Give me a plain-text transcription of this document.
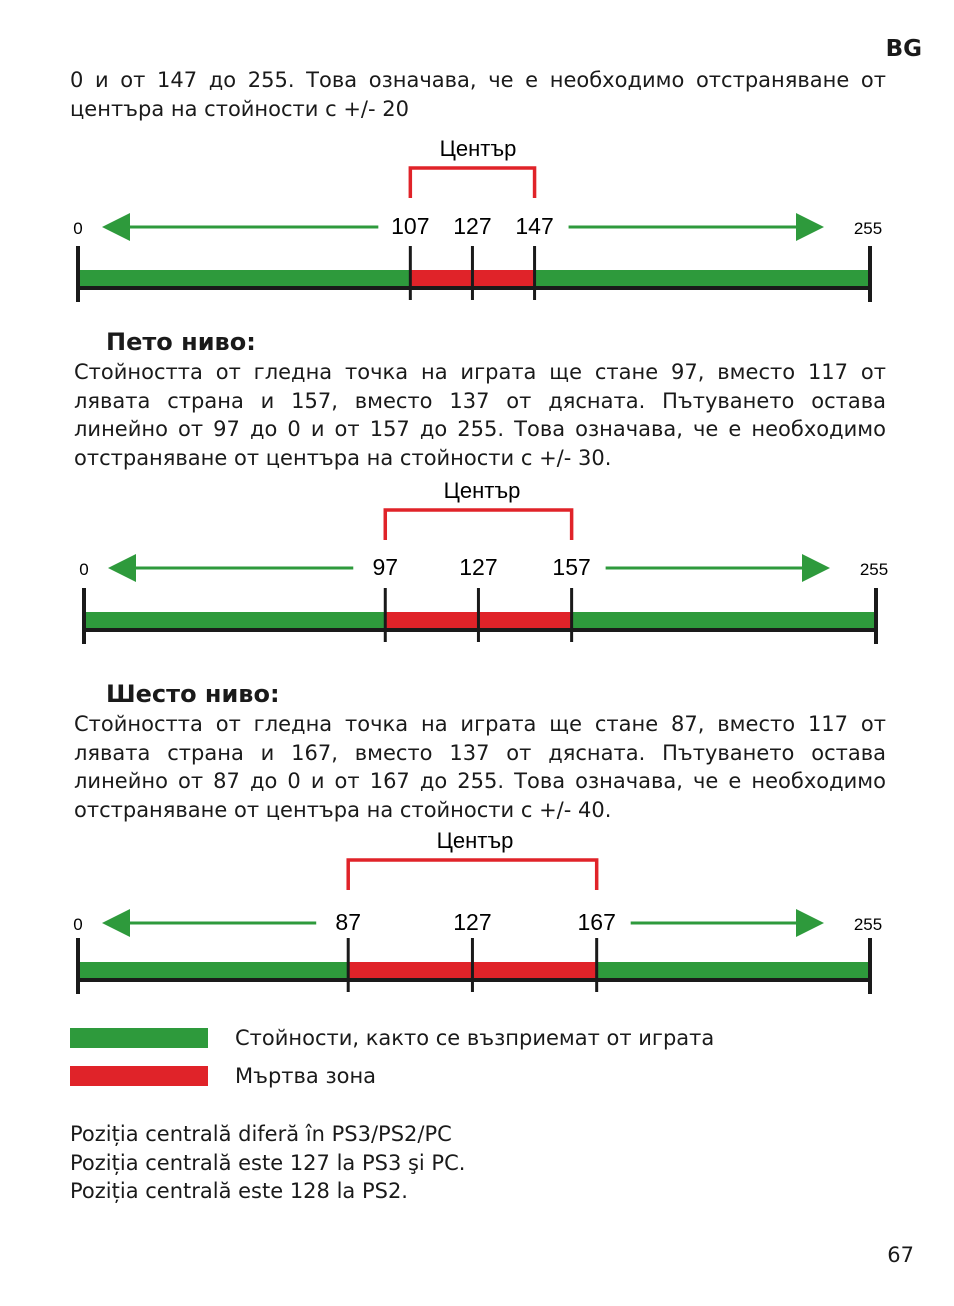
BG

0 и от 147 до 255. Това означава, че е необходимо отстраняване от центъра на стойности с +/- 20

Център
0	255
107 127 147
Пето ниво:

Стойността от гледна точка на играта ще стане 97, вместо 117 от лявата страна и 157, вместо 137 от дясната. Пътуването остава линейно от 97 до 0 и от 157 до 255. Това означава, че е необходимо отстраняване от центъра на стойности с +/- 30.

Център
0	255
97	127 157
Шесто ниво:

Стойността от гледна точка на играта ще стане 87, вместо 117 от лявата страна и 167, вместо 137 от дясната. Пътуването остава линейно от 87 до 0 и от 167 до 255. Това означава, че е необходимо отстраняване от центъра на стойности с +/- 40.

Център
0	255
87	127	167
Стойности, както се възприемат от играта
Мъртва зона
Poziția centrală diferă în PS3/PS2/PC
Poziția centrală este 127 la PS3 şi PC.
Poziția centrală este 128 la PS2.
67
